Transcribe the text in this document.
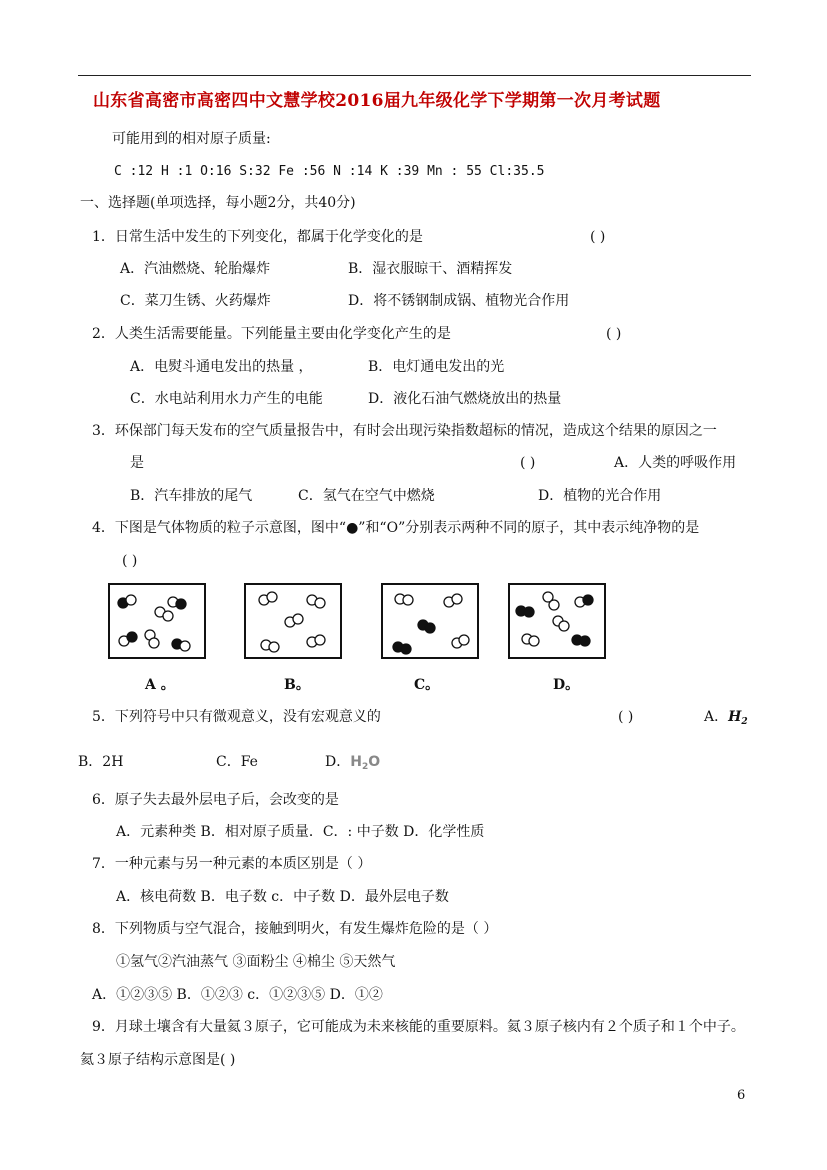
山东省高密市高密四中文慧学校2016届九年级化学下学期第一次月考试题
可能用到的相对原子质量:
C :12 H :1 O:16 S:32 Fe :56 N :14 K :39 Mn : 55 Cl:35.5
一、选择题(单项选择，每小题2分，共40分)
1．日常生活中发生的下列变化，都属于化学变化的是	( )
A．汽油燃烧、轮胎爆炸	B．湿衣服晾干、酒精挥发
C．菜刀生锈、火药爆炸	D．将不锈钢制成锅、植物光合作用
2．人类生活需要能量。下列能量主要由化学变化产生的是	( )
A．电熨斗通电发出的热量 ，	B．电灯通电发出的光
C．水电站利用水力产生的电能	D．液化石油气燃烧放出的热量
3．环保部门每天发布的空气质量报告中，有时会出现污染指数超标的情况，造成这个结果的原因之一
是	( )	A．人类的呼吸作用
B．汽车排放的尾气	C．氢气在空气中燃烧	D．植物的光合作用
4．下图是气体物质的粒子示意图，图中“●”和“O”分别表示两种不同的原子，其中表示纯净物的是
( )
A 。	B。	C。	D。
5．下列符号中只有微观意义，没有宏观意义的	( )	A．$H_2$
B．2H	C．Fe	D．$H_2O$
6．原子失去最外层电子后，会改变的是
A．元素种类 B．相对原子质量．C．: 中子数 D．化学性质
7．一种元素与另一种元素的本质区别是（ ）
A．核电荷数 B．电子数 c．中子数 D．最外层电子数
8．下列物质与空气混合，接触到明火，有发生爆炸危险的是（ ）
①氢气②汽油蒸气 ③面粉尘 ④棉尘 ⑤天然气
A．①②③⑤ B．①②③ c．①②③⑤ D．①②
9．月球土壤含有大量氦３原子，它可能成为未来核能的重要原料。氦３原子核内有２个质子和１个中子。
氦３原子结构示意图是( )
6
